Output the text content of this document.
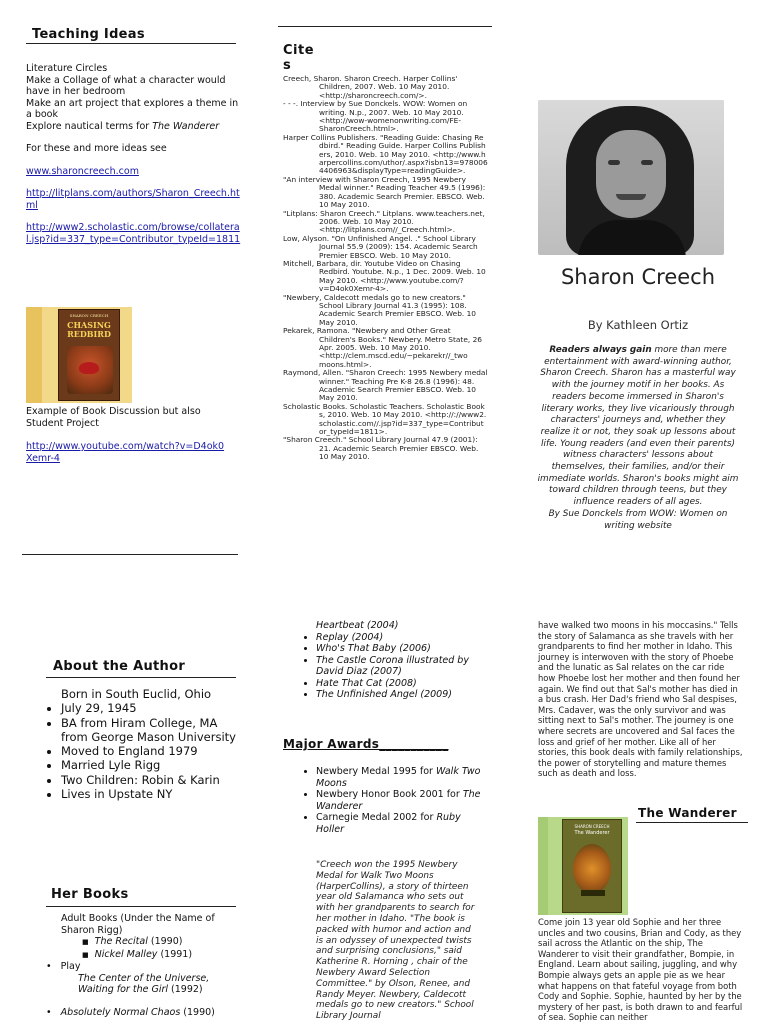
Teaching Ideas
Literature Circles
Make a Collage of what a character would have in her bedroom
Make an art project that explores a theme in a book
Explore nautical terms for The Wanderer
For these and more ideas see
www.sharoncreech.com
http://litplans.com/authors/Sharon_Creech.html
http://www2.scholastic.com/browse/collateral.jsp?id=337_type=Contributor_typeId=1811
SHARON CREECH
CHASING REDBIRD
Example of Book Discussion but also Student Project
http://www.youtube.com/watch?v=D4ok0Xemr-4
Cite s
Creech, Sharon. Sharon Creech. Harper Collins' Children, 2007. Web. 10 May 2010. <http://sharoncreech.com/>.
- - -. Interview by Sue Donckels. WOW: Women on writing. N.p., 2007. Web. 10 May 2010. <http://wow-womenonwriting.com/FE-SharonCreech.html>.
Harper Collins Publishers. "Reading Guide: Chasing Redbird." Reading Guide. Harper Collins Publishers, 2010. Web. 10 May 2010. <http://www.harpercollins.com/uthor/.aspx?isbn13=9780064406963&displayType=readingGuide>.
"An interview with Sharon Creech, 1995 Newbery Medal winner." Reading Teacher 49.5 (1996): 380. Academic Search Premier. EBSCO. Web. 10 May 2010.
"Litplans: Sharon Creech." Litplans. www.teachers.net, 2006. Web. 10 May 2010. <http://litplans.com//_Creech.html>.
Low, Alyson. "On Unfinished Angel. ." School Library Journal 55.9 (2009): 154. Academic Search Premier EBSCO. Web. 10 May 2010.
Mitchell, Barbara, dir. Youtube Video on Chasing Redbird. Youtube. N.p., 1 Dec. 2009. Web. 10 May 2010. <http://www.youtube.com/?v=D4ok0Xemr-4>.
"Newbery, Caldecott medals go to new creators." School Library Journal 41.3 (1995): 108. Academic Search Premier EBSCO. Web. 10 May 2010.
Pekarek, Ramona. "Newbery and Other Great Children's Books." Newbery. Metro State, 26 Apr. 2005. Web. 10 May 2010. <http://clem.mscd.edu/~pekarekr//_two moons.html>.
Raymond, Allen. "Sharon Creech: 1995 Newbery medal winner." Teaching Pre K-8 26.8 (1996): 48. Academic Search Premier EBSCO. Web. 10 May 2010.
Scholastic Books. Scholastic Teachers. Scholastic Books, 2010. Web. 10 May 2010. <http://://www2.scholastic.com//.jsp?id=337_type=Contributor_typeId=1811>.
"Sharon Creech." School Library Journal 47.9 (2001): 21. Academic Search Premier EBSCO. Web. 10 May 2010.
Sharon Creech
By Kathleen Ortiz
Readers always gain more than mere entertainment with award-winning author, Sharon Creech. Sharon has a masterful way with the journey motif in her books. As readers become immersed in Sharon's literary works, they live vicariously through characters' journeys and, whether they realize it or not, they soak up lessons about life. Young readers (and even their parents) witness characters' lessons about themselves, their families, and/or their immediate worlds. Sharon's books might aim toward children through teens, but they influence readers of all ages.
By Sue Donckels from WOW: Women on writing website
About the Author
Born in South Euclid, Ohio
• July 29, 1945
• BA from Hiram College, MA from George Mason University
• Moved to England 1979
• Married Lyle Rigg
• Two Children: Robin & Karin
• Lives in Upstate NY
Her Books
Adult Books (Under the Name of Sharon Rigg)
■ The Recital (1990)
■ Nickel Malley (1991)
•   Play
The Center of the Universe, Waiting for the Girl (1992)
•   Absolutely Normal Chaos (1990)
Heartbeat (2004)
• Replay (2004)
• Who's That Baby (2006)
• The Castle Corona illustrated by David Diaz (2007)
• Hate That Cat (2008)
• The Unfinished Angel (2009)
Major Awards___________
• Newbery Medal 1995 for Walk Two Moons
• Newbery Honor Book 2001 for The Wanderer
• Carnegie Medal 2002 for Ruby Holler
"Creech won the 1995 Newbery Medal for Walk Two Moons (HarperCollins), a story of thirteen year old Salamanca who sets out with her grandparents to search for her mother in Idaho. "The book is packed with humor and action and is an odyssey of unexpected twists and surprising conclusions," said Katherine R. Horning , chair of the Newbery Award Selection Committee." by Olson, Renee, and Randy Meyer. Newbery, Caldecott medals go to new creators." School Library Journal
have walked two moons in his moccasins." Tells the story of Salamanca as she travels with her grandparents to find her mother in Idaho. This journey is interwoven with the story of Phoebe and the lunatic as Sal relates on the car ride how Phoebe lost her mother and then found her again. We find out that Sal's mother has died in a bus crash. Her Dad's friend who Sal despises, Mrs. Cadaver, was the only survivor and was sitting next to Sal's mother. The journey is one where secrets are uncovered and Sal faces the loss and grief of her mother. Like all of her stories, this book deals with family relationships, the power of storytelling and mature themes such as death and loss.
The Wanderer
SHARON CREECH
The Wanderer
Come join 13 year old Sophie and her three uncles and two cousins, Brian and Cody, as they sail across the Atlantic on the ship, The Wanderer to visit their grandfather, Bompie, in England. Learn about sailing, juggling, and why Bompie always gets an apple pie as we hear what happens on that fateful voyage from both Cody and Sophie. Sophie, haunted by her by the mystery of her past, is both drawn to and fearful of sea. Sophie can neither
